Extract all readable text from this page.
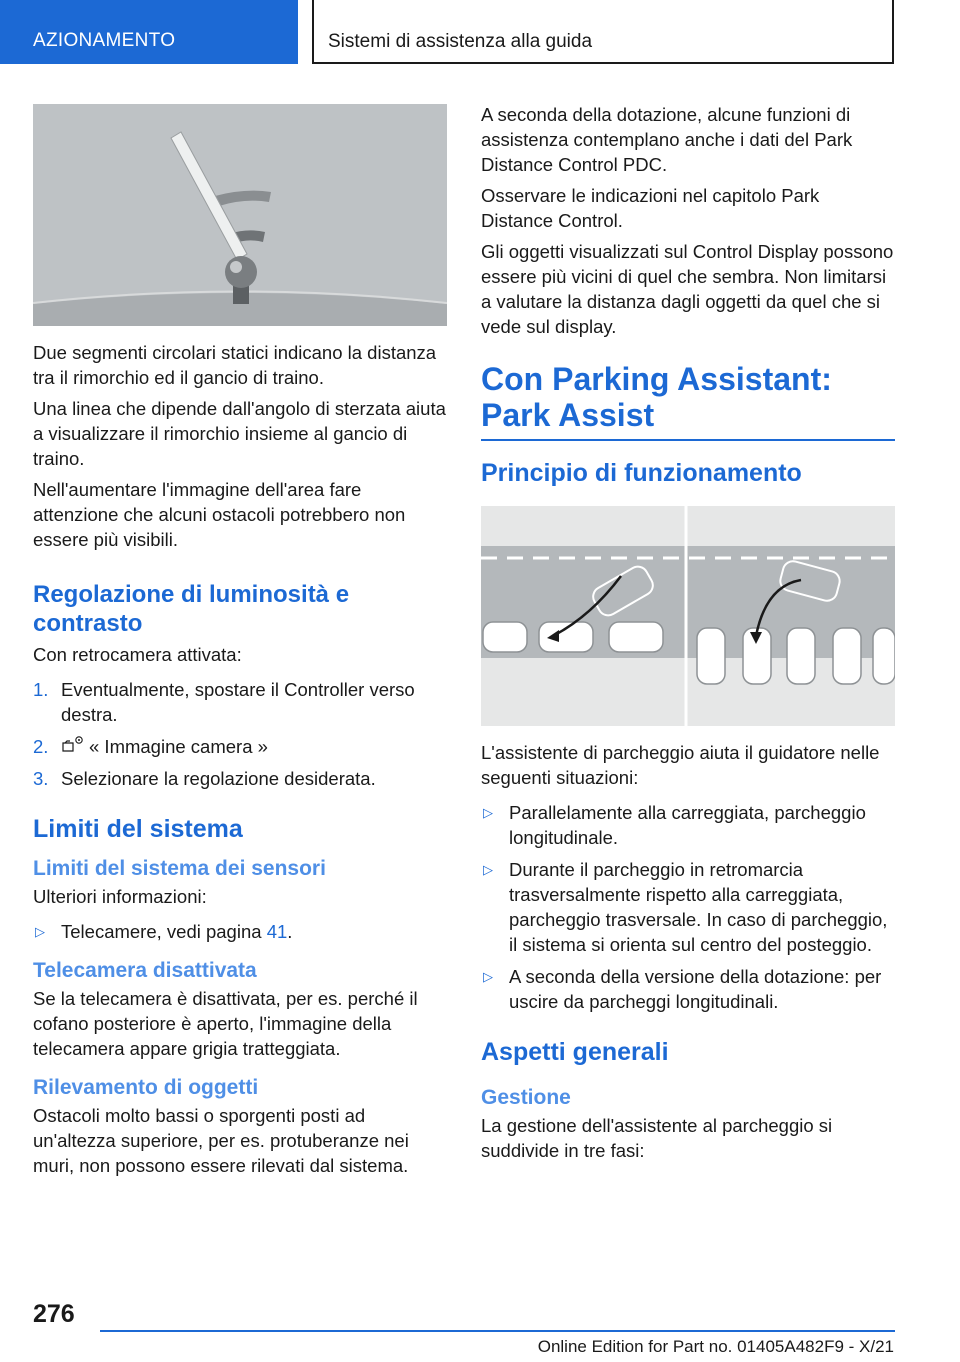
AZIONAMENTO	Sistemi di assistenza alla guida

Due segmenti circolari statici indicano la distanza tra il rimorchio ed il gancio di traino.

Una linea che dipende dall'angolo di sterzata aiuta a visualizzare il rimorchio insieme al gancio di traino.

Nell'aumentare l'immagine dell'area fare attenzione che alcuni ostacoli potrebbero non essere più visibili.

Regolazione di luminosità e contrasto

Con retrocamera attivata:

1. Eventualmente, spostare il Controller verso destra.
2. « Immagine camera »
3. Selezionare la regolazione desiderata.
Limiti del sistema
Limiti del sistema dei sensori

Ulteriori informazioni:

▷ Telecamere, vedi pagina 41.
Telecamera disattivata

Se la telecamera è disattivata, per es. perché il cofano posteriore è aperto, l'immagine della telecamera appare grigia tratteggiata.

Rilevamento di oggetti

Ostacoli molto bassi o sporgenti posti ad un'altezza superiore, per es. protuberanze nei muri, non possono essere rilevati dal sistema.

A seconda della dotazione, alcune funzioni di assistenza contemplano anche i dati del Park Distance Control PDC.

Osservare le indicazioni nel capitolo Park Distance Control.

Gli oggetti visualizzati sul Control Display possono essere più vicini di quel che sembra. Non limitarsi a valutare la distanza dagli oggetti da quel che si vede sul display.

Con Parking Assistant: Park Assist
Principio di funzionamento

L'assistente di parcheggio aiuta il guidatore nelle seguenti situazioni:

▷ Parallelamente alla carreggiata, parcheggio longitudinale.
▷ Durante il parcheggio in retromarcia trasversalmente rispetto alla carreggiata, parcheggio trasversale. In caso di parcheggio, il sistema si orienta sul centro del posteggio.
▷ A seconda della versione della dotazione: per uscire da parcheggi longitudinali.
Aspetti generali
Gestione

La gestione dell'assistente al parcheggio si suddivide in tre fasi:

276
Online Edition for Part no. 01405A482F9 - X/21
